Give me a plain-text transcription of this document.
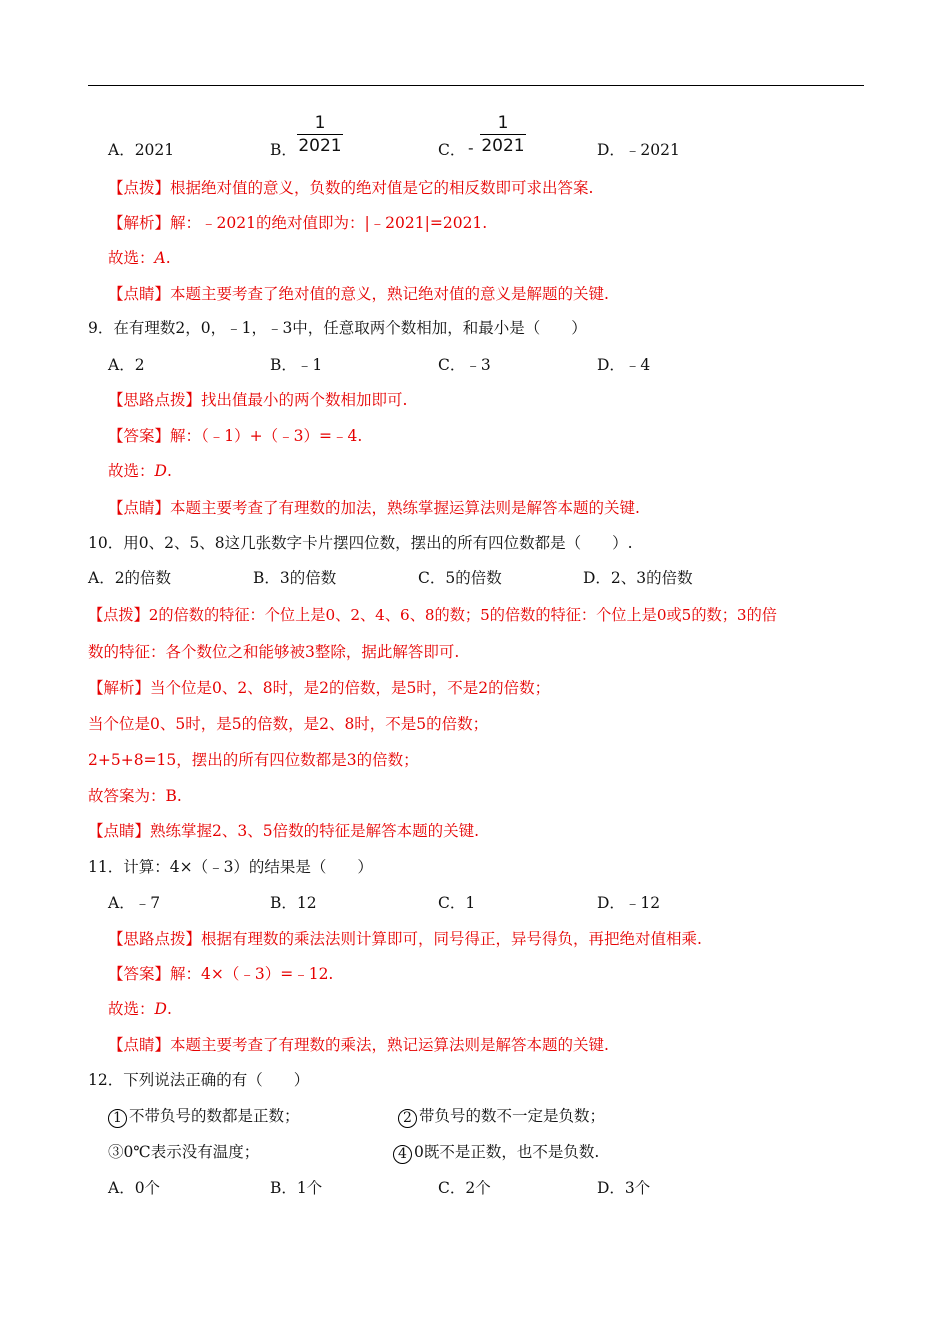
A．2021	B．
1
2021	C． -
1
2021	D．﹣2021
【点拨】根据绝对值的意义，负数的绝对值是它的相反数即可求出答案.
【解析】解：﹣2021的绝对值即为：|﹣2021|=2021.
故选：A.
【点睛】本题主要考查了绝对值的意义，熟记绝对值的意义是解题的关键.
9．在有理数2，0，﹣1，﹣3中，任意取两个数相加，和最小是（　　）
A．2	B．﹣1	C．﹣3	D．﹣4
【思路点拨】找出值最小的两个数相加即可.
【答案】解：（﹣1）+（﹣3）=﹣4.
故选：D.
【点睛】本题主要考查了有理数的加法，熟练掌握运算法则是解答本题的关键.
10．用0、2、5、8这几张数字卡片摆四位数，摆出的所有四位数都是（　　）.
A．2的倍数	B．3的倍数	C．5的倍数	D．2、3的倍数
【点拨】2的倍数的特征：个位上是0、2、4、6、8的数；5的倍数的特征：个位上是0或5的数；3的倍
数的特征：各个数位之和能够被3整除，据此解答即可.
【解析】当个位是0、2、8时，是2的倍数，是5时，不是2的倍数；
当个位是0、5时，是5的倍数，是2、8时，不是5的倍数；
2+5+8=15，摆出的所有四位数都是3的倍数；
故答案为：B.
【点睛】熟练掌握2、3、5倍数的特征是解答本题的关键.
11．计算：4×（﹣3）的结果是（　　）
A．﹣7	B．12	C．1	D．﹣12
【思路点拨】根据有理数的乘法法则计算即可，同号得正，异号得负，再把绝对值相乘.
【答案】解：4×（﹣3）=﹣12.
故选：D.
【点睛】本题主要考查了有理数的乘法，熟记运算法则是解答本题的关键.
12．下列说法正确的有（　　）
1 不带负号的数都是正数；	2 带负号的数不一定是负数；
③0℃表示没有温度；	4 0既不是正数，也不是负数.
A．0个	B．1个	C．2个	D．3个
